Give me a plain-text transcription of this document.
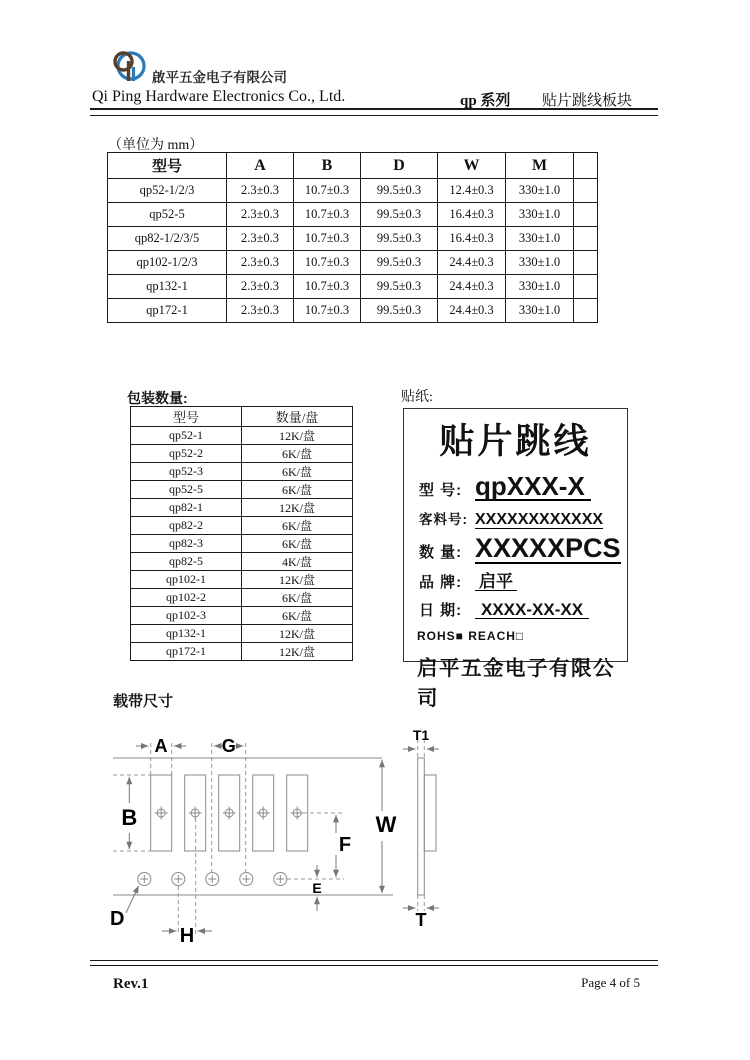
啟平五金电子有限公司
Qi Ping Hardware Electronics Co., Ltd.	qp 系列 贴片跳线板块
（单位为 mm）
型号	A	B	D	W	M	
qp52-1/2/3	2.3±0.3	10.7±0.3	99.5±0.3	12.4±0.3	330±1.0	
qp52-5	2.3±0.3	10.7±0.3	99.5±0.3	16.4±0.3	330±1.0	
qp82-1/2/3/5	2.3±0.3	10.7±0.3	99.5±0.3	16.4±0.3	330±1.0	
qp102-1/2/3	2.3±0.3	10.7±0.3	99.5±0.3	24.4±0.3	330±1.0	
qp132-1	2.3±0.3	10.7±0.3	99.5±0.3	24.4±0.3	330±1.0	
qp172-1	2.3±0.3	10.7±0.3	99.5±0.3	24.4±0.3	330±1.0	
包装数量:
型号	数量/盘
qp52-1	12K/盘
qp52-2	6K/盘
qp52-3	6K/盘
qp52-5	6K/盘
qp82-1	12K/盘
qp82-2	6K/盘
qp82-3	6K/盘
qp82-5	4K/盘
qp102-1	12K/盘
qp102-2	6K/盘
qp102-3	6K/盘
qp132-1	12K/盘
qp172-1	12K/盘
贴纸:
贴片跳线
型 号: qpXXX-X
客料号: XXXXXXXXXXXX
数 量: XXXXXPCS
品 牌: 启平
日 期:	XXXX-XX-XX
ROHS■ REACH□
启平五金电子有限公司
载带尺寸
A	G
T1
B	W
F
E
D
H
T
Rev.1	Page 4 of 5
